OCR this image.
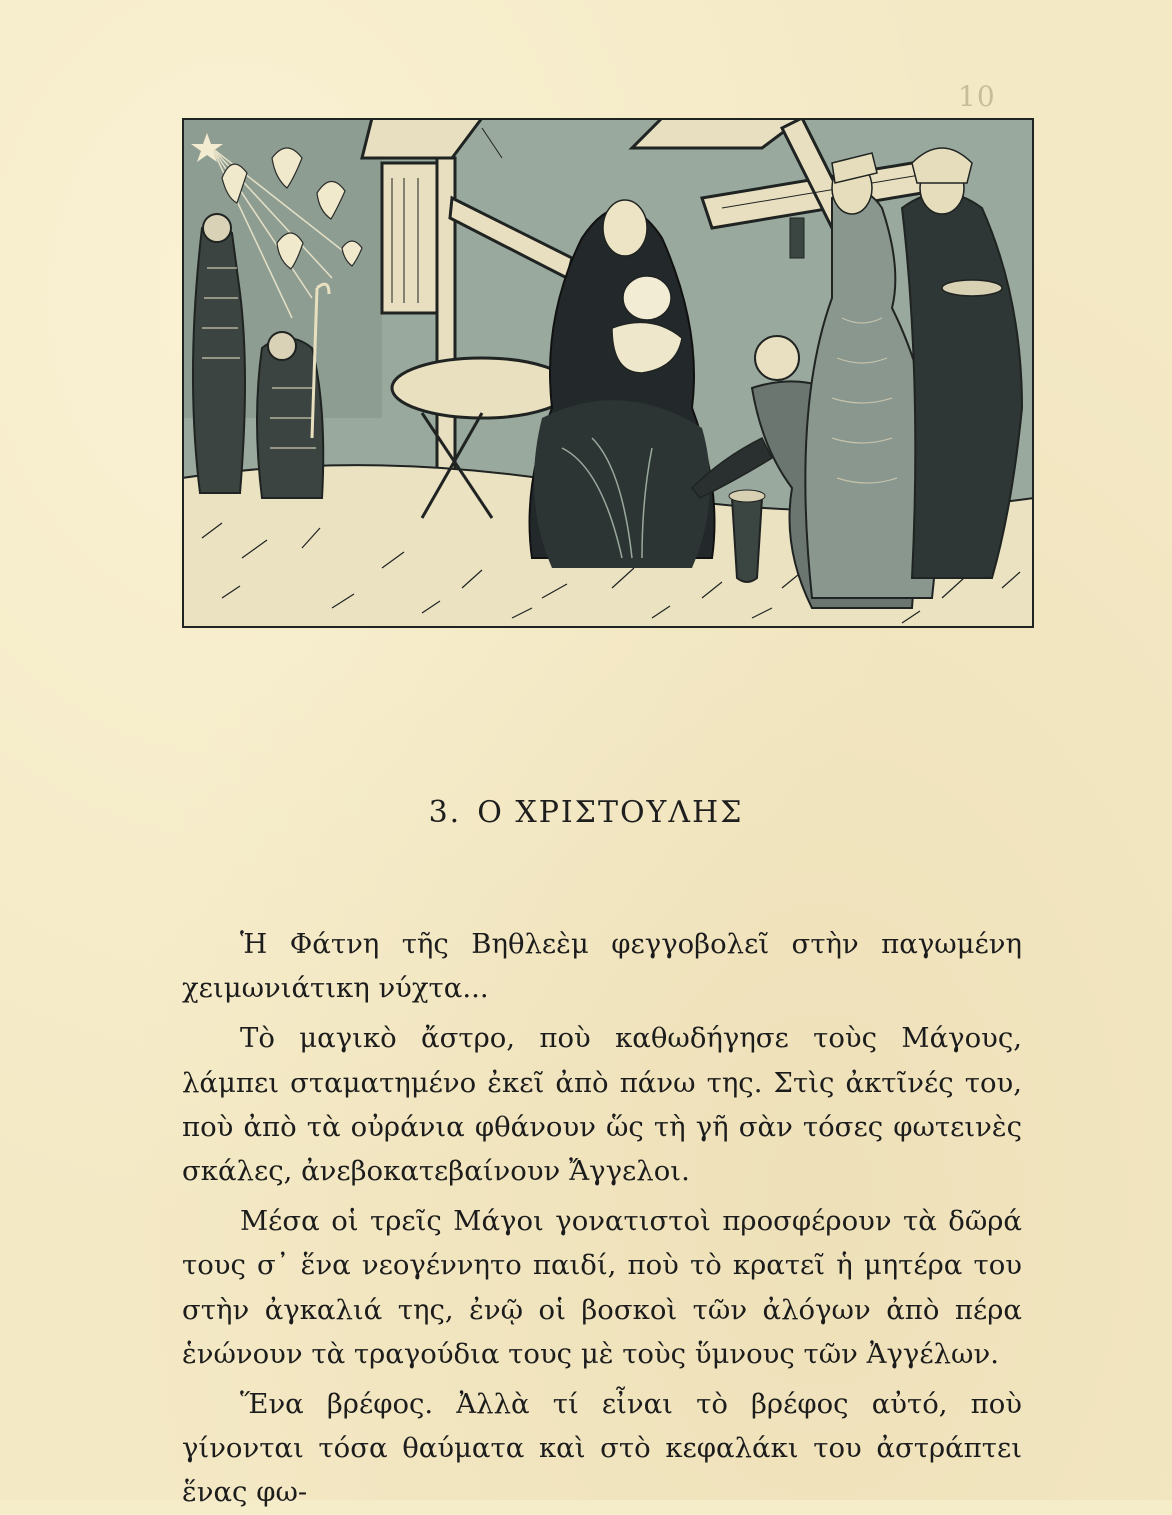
10
3. Ο ΧΡΙΣΤΟΥΛΗΣ

Ἡ Φάτνη τῆς Βηθλεὲμ φεγγοβολεῖ στὴν παγωμένη χειμωνιάτικη νύχτα...

Τὸ μαγικὸ ἄστρο, ποὺ καθωδήγησε τοὺς Μάγους, λάμπει σταματημένο ἐκεῖ ἀπὸ πάνω της. Στὶς ἀκτῖνές του, ποὺ ἀπὸ τὰ οὐράνια φθάνουν ὥς τὴ γῆ σὰν τόσες φωτεινὲς σκάλες, ἀνεβοκατεβαίνουν Ἄγγελοι.

Μέσα οἱ τρεῖς Μάγοι γονατιστοὶ προσφέρουν τὰ δῶρά τους σ᾿ ἕνα νεογέννητο παιδί, ποὺ τὸ κρατεῖ ἡ μητέρα του στὴν ἀγκαλιά της, ἐνῷ οἱ βοσκοὶ τῶν ἀλόγων ἀπὸ πέρα ἑνώνουν τὰ τραγούδια τους μὲ τοὺς ὕμνους τῶν Ἀγγέλων.

Ἕνα βρέφος. Ἀλλὰ τί εἶναι τὸ βρέφος αὐτό, ποὺ γίνονται τόσα θαύματα καὶ στὸ κεφαλάκι του ἀστράπτει ἕνας φω-
